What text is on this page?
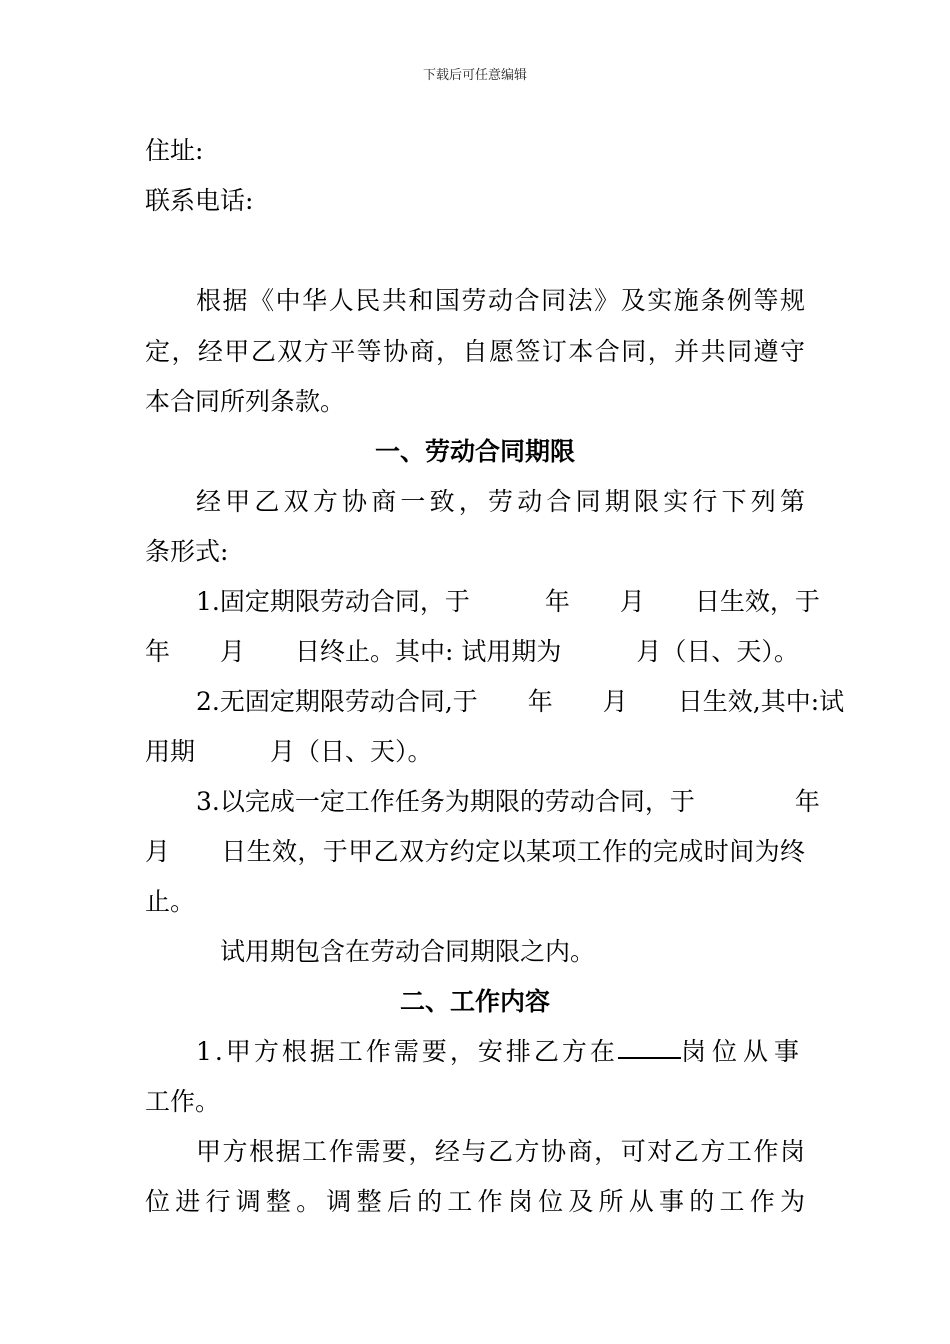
下载后可任意编辑
住址:
联系电话:
根据《中华人民共和国劳动合同法》及实施条例等规
定，经甲乙双方平等协商，自愿签订本合同，并共同遵守
本合同所列条款。
一、劳动合同期限
经甲乙双方协商一致，劳动合同期限实行下列第
条形式:
1.固定期限劳动合同，于　　　年　　月　　日生效，于
年　　月　　日终止。其中: 试用期为　　　月（日、天）。
2.无固定期限劳动合同,于　　年　　月　　日生效,其中:试
用期　　　月（日、天）。
3.以完成一定工作任务为期限的劳动合同，于　　　　年
月　　日生效，于甲乙双方约定以某项工作的完成时间为终
止。
试用期包含在劳动合同期限之内。
二、工作内容
1.甲方根据工作需要，安排乙方在	岗位从事
工作。
甲方根据工作需要，经与乙方协商，可对乙方工作岗
位进行调整。调整后的工作岗位及所从事的工作为
